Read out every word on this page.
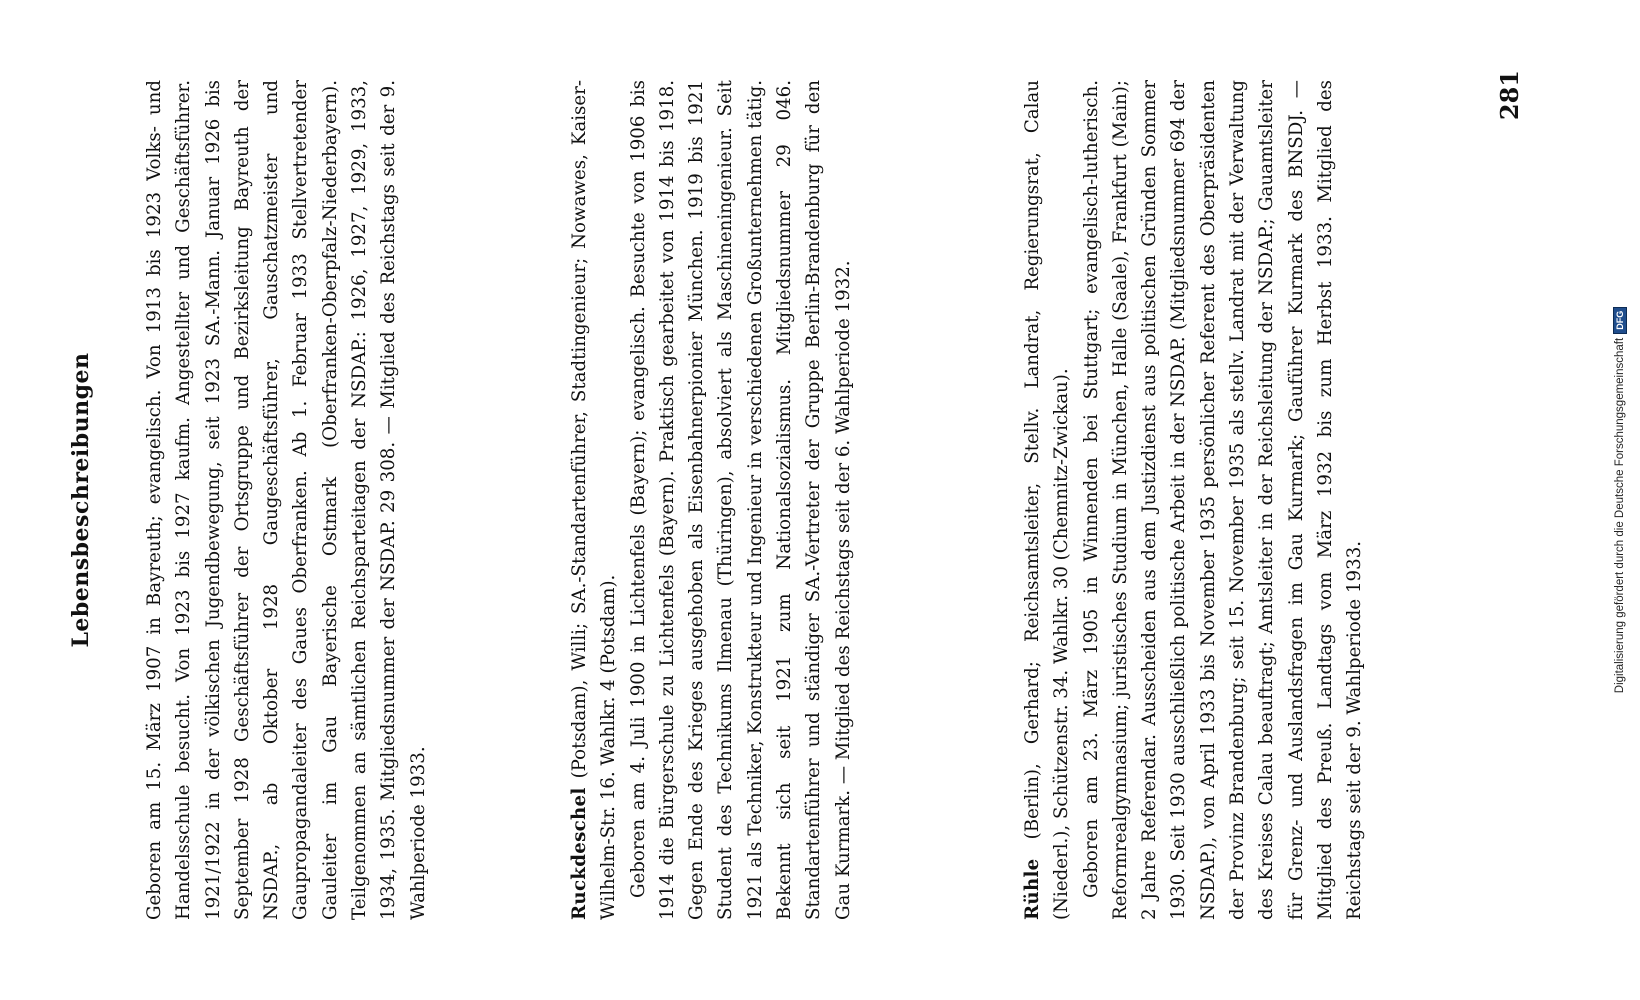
Lebensbeschreibungen	Geboren am 15. März 1907 in Bayreuth; evangelisch. Von 1913 bis 1923 Volks- und Handelsschule besucht. Von 1923 bis 1927 kaufm. Angestellter und Geschäftsführer. 1921/1922 in der völkischen Jugendbewegung, seit 1923 SA.-Mann. Januar 1926 bis September 1928 Geschäftsführer der Ortsgruppe und Bezirksleitung Bayreuth der NSDAP., ab Oktober 1928 Gaugeschäftsführer, Gauschatzmeister und Gaupropagandaleiter des Gaues Oberfranken. Ab 1. Februar 1933 Stellvertretender Gauleiter im Gau Bayerische Ostmark (Oberfranken-Oberpfalz-Niederbayern). Teilgenommen an sämtlichen Reichsparteitagen der NSDAP.: 1926, 1927, 1929, 1933, 1934, 1935. Mitgliedsnummer der NSDAP. 29 308. — Mitglied des Reichstags seit der 9. Wahlperiode 1933.	Ruckdeschel (Potsdam), Willi; SA.-Standartenführer, Stadtingenieur; Nowawes, Kaiser-Wilhelm-Str. 16. Wahlkr. 4 (Potsdam). Geboren am 4. Juli 1900 in Lichtenfels (Bayern); evangelisch. Besuchte von 1906 bis 1914 die Bürgerschule zu Lichtenfels (Bayern). Praktisch gearbeitet von 1914 bis 1918. Gegen Ende des Krieges ausgehoben als Eisenbahnerpionier München. 1919 bis 1921 Student des Technikums Ilmenau (Thüringen), absolviert als Maschineningenieur. Seit 1921 als Techniker, Konstrukteur und Ingenieur in verschiedenen Großunternehmen tätig. Bekennt sich seit 1921 zum Nationalsozialismus. Mitgliedsnummer 29 046. Standartenführer und ständiger SA.-Vertreter der Gruppe Berlin-Brandenburg für den Gau Kurmark. — Mitglied des Reichstags seit der 6. Wahlperiode 1932.	Rühle (Berlin), Gerhard; Reichsamtsleiter, Stellv. Landrat, Regierungsrat, Calau (Niederl.), Schützenstr. 34. Wahlkr. 30 (Chemnitz-Zwickau). Geboren am 23. März 1905 in Winnenden bei Stuttgart; evangelisch-lutherisch. Reformrealgymnasium; juristisches Studium in München, Halle (Saale), Frankfurt (Main); 2 Jahre Referendar. Ausscheiden aus dem Justizdienst aus politischen Gründen Sommer 1930. Seit 1930 ausschließlich politische Arbeit in der NSDAP. (Mitgliedsnummer 694 der NSDAP.), von April 1933 bis November 1935 persönlicher Referent des Oberpräsidenten der Provinz Brandenburg; seit 15. November 1935 als stellv. Landrat mit der Verwaltung des Kreises Calau beauftragt; Amtsleiter in der Reichsleitung der NSDAP.; Gauamtsleiter für Grenz- und Auslandsfragen im Gau Kurmark; Gauführer Kurmark des BNSDJ. — Mitglied des Preuß. Landtags vom März 1932 bis zum Herbst 1933. Mitglied des Reichstags seit der 9. Wahlperiode 1933.

281
Digitalisierung gefördert durch die Deutsche Forschungsgemeinschaft
DFG
